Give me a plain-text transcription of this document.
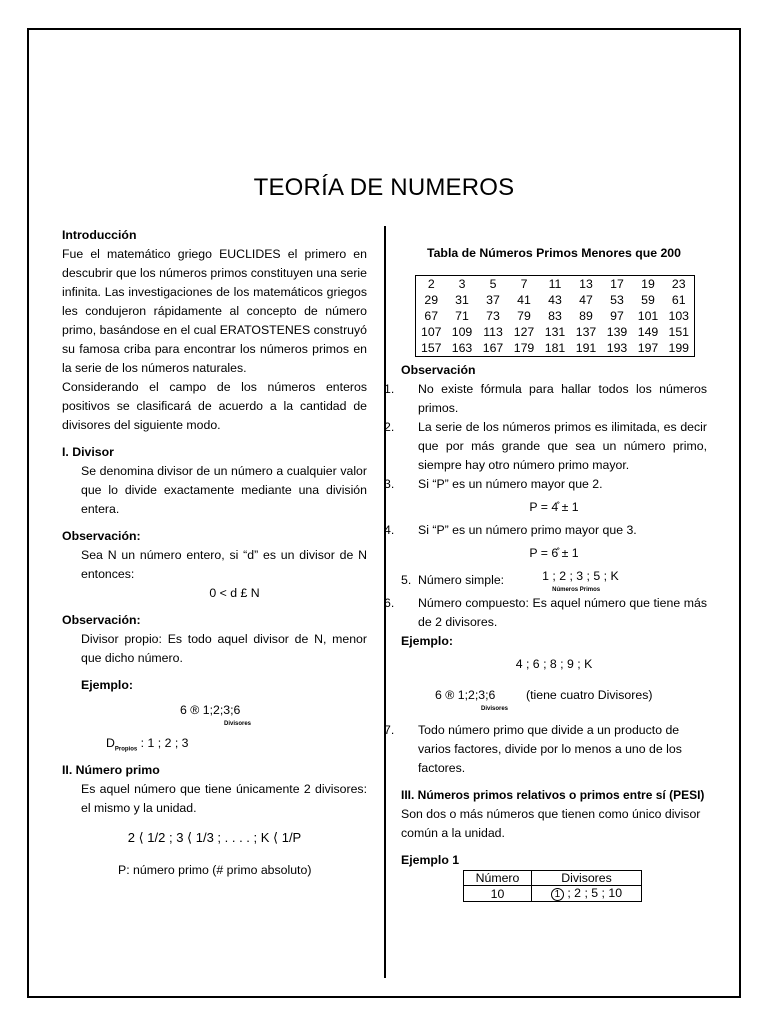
TEORÍA DE NUMEROS

Introducción

Fue el matemático griego EUCLIDES el primero en descubrir que los números primos constituyen una serie infinita. Las investigaciones de los matemáticos griegos les condujeron rápidamente al concepto de número primo, basándose en el cual ERATOSTENES construyó su famosa criba para encontrar los números primos en la serie de los números naturales.

Considerando el campo de los números enteros positivos se clasificará de acuerdo a la cantidad de divisores del siguiente modo.

I. Divisor

Se denomina divisor de un número a cualquier valor que lo divide exactamente mediante una división entera.

Observación:

Sea N un número entero, si “d” es un divisor de N entonces:

0 < d £ N

Observación:

Divisor propio: Es todo aquel divisor de N, menor que dicho número.

Ejemplo:

6 ® 1;2;3;6
Divisores
$D_{Propios}$ : 1 ; 2 ; 3

II. Número primo

Es aquel número que tiene únicamente 2 divisores: el mismo y la unidad.

2 ⟨ 1/2 ; 3 ⟨ 1/3 ; . . . . ; K ⟨ 1/P
P: número primo (# primo absoluto)

Tabla de Números Primos Menores que 200

2	3	5	7	11	13	17	19	23
29	31	37	41	43	47	53	59	61
67	71	73	79	83	89	97	101	103
107	109	113	127	131	137	139	149	151
157	163	167	179	181	191	193	197	199

Observación

1. No existe fórmula para hallar todos los números primos.

2. La serie de los números primos es ilimitada, es decir que por más grande que sea un número primo, siempre hay otro número primo mayor.

3. Si “P” es un número mayor que 2.

P = 4̊ ± 1

4. Si “P” es un número primo mayor que 3.

P = 6̊ ± 1

5. Número simple:	1 ; 2 ; 3 ; 5 ; K
Números Primos

6. Número compuesto: Es aquel número que tiene más de 2 divisores.

Ejemplo:

4 ; 6 ; 8 ; 9 ; K

6 ® 1;2;3;6
Divisores
(tiene cuatro Divisores)

7. Todo número primo que divide a un producto de varios factores, divide por lo menos a uno de los factores.

III. Números primos relativos o primos entre sí (PESI)

Son dos o más números que tienen como único divisor común a la unidad.

Ejemplo 1

Número	Divisores
10	1 ; 2 ; 5 ; 10
